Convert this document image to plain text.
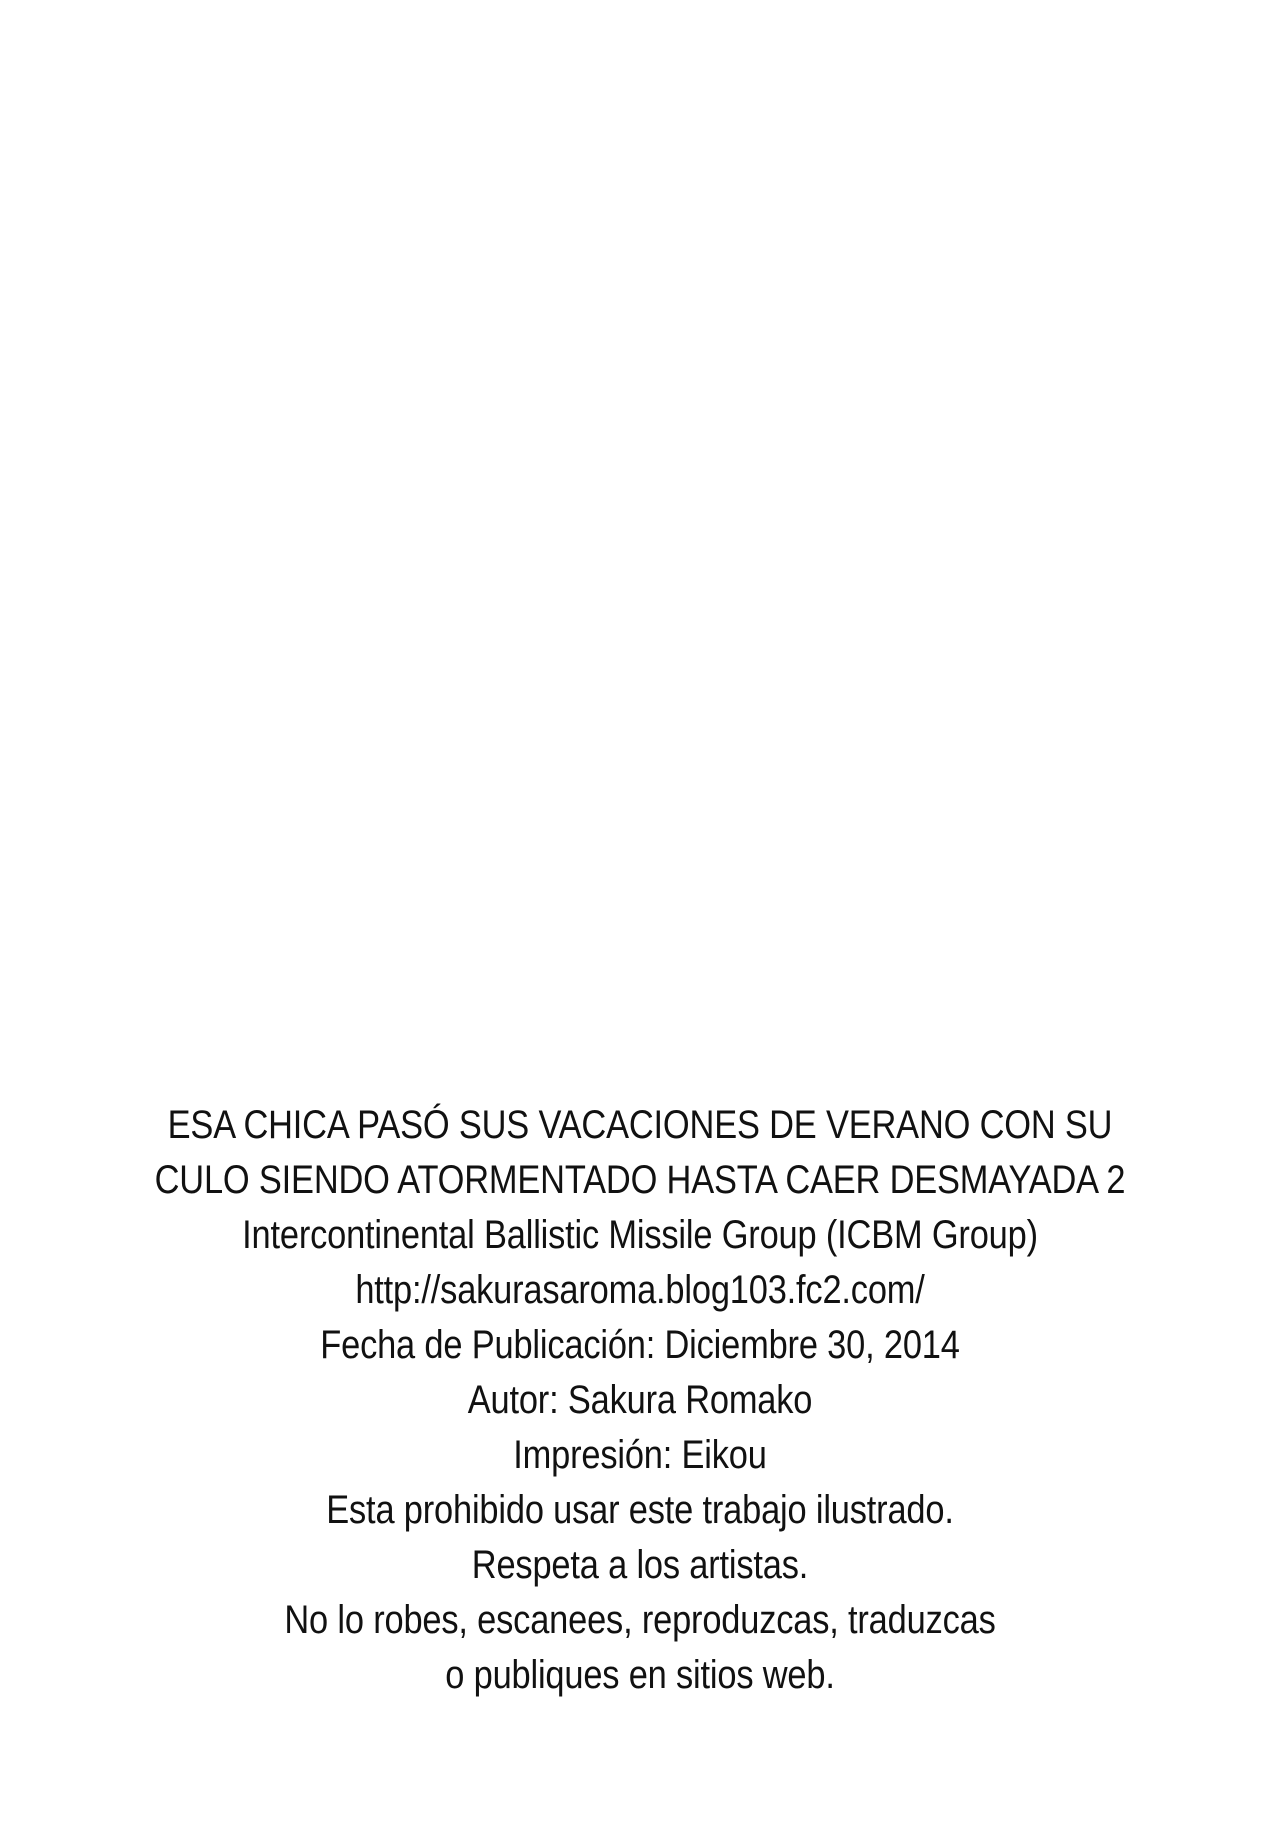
ESA CHICA PASÓ SUS VACACIONES DE VERANO CON SU
CULO SIENDO ATORMENTADO HASTA CAER DESMAYADA 2
Intercontinental Ballistic Missile Group (ICBM Group)
http://sakurasaroma.blog103.fc2.com/
Fecha de Publicación: Diciembre 30, 2014
Autor: Sakura Romako
Impresión: Eikou
Esta prohibido usar este trabajo ilustrado.
Respeta a los artistas.
No lo robes, escanees, reproduzcas, traduzcas
o publiques en sitios web.
